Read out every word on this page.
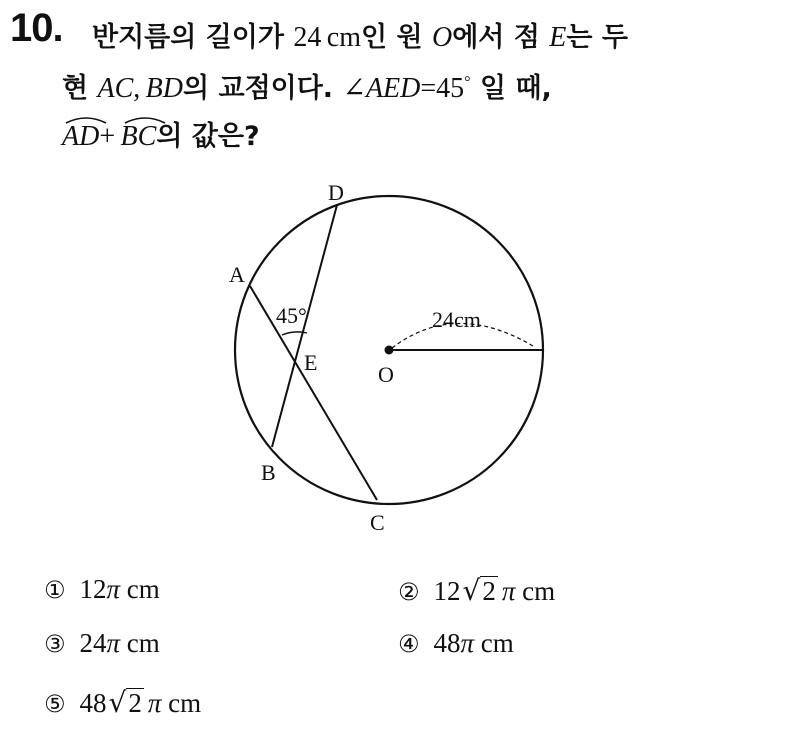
10. 반지름의 길이가 24  cm인 원 O에서 점 E는 두
현 AC,  BD의 교점이다. ∠AED=45° 일 때,
AD+  BC의 값은?
D
A
E	O
B
C
45°	24cm
① 12π cm	② 12√2 π cm
③ 24π cm	④ 48π cm
⑤ 48√2 π cm
